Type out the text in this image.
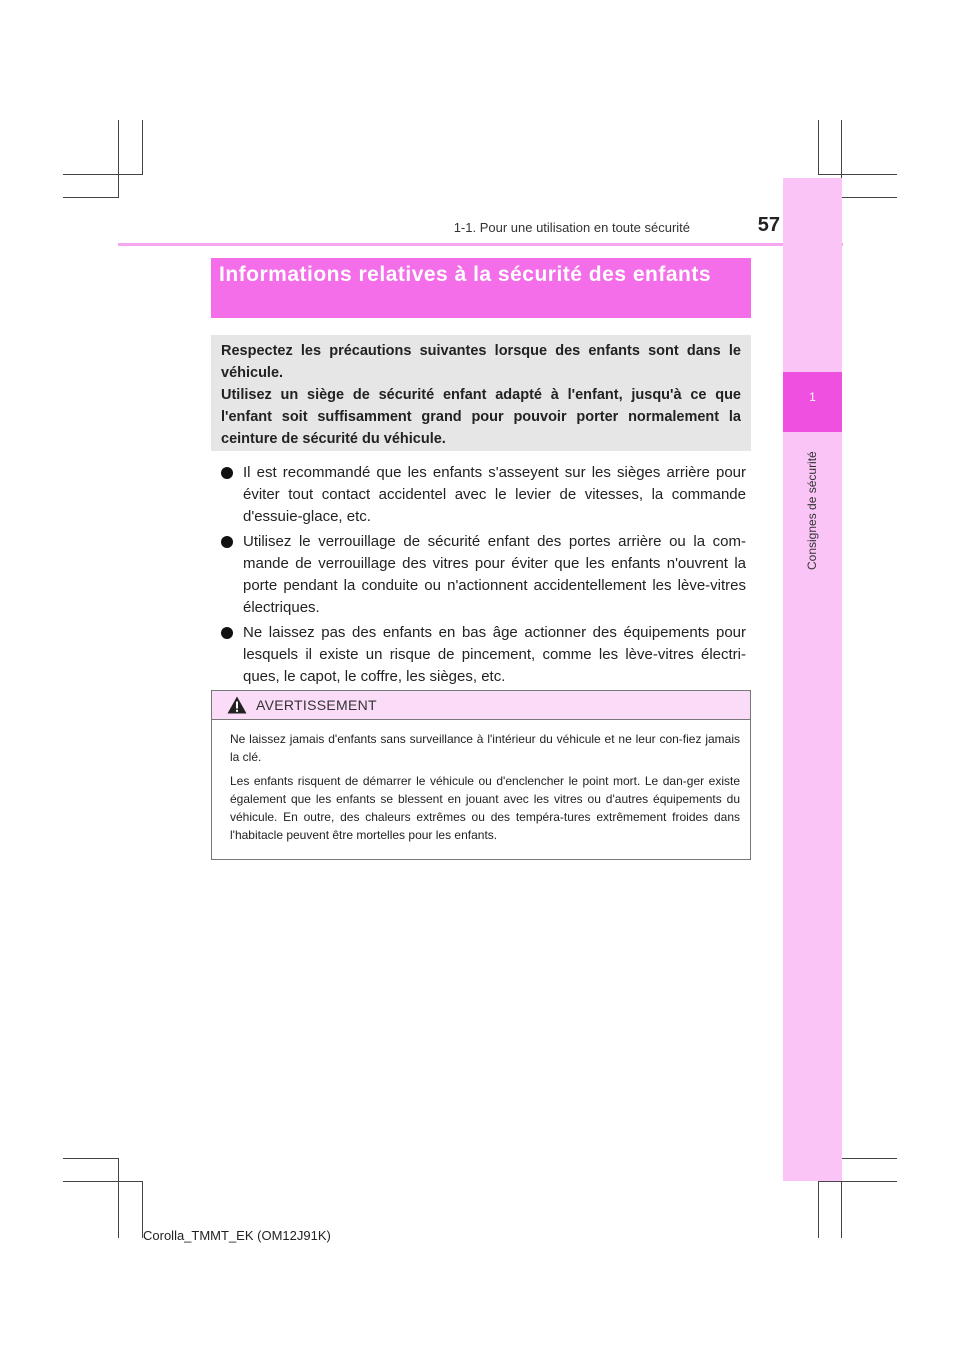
1-1. Pour une utilisation en toute sécurité	57
1
Consignes de sécurité
Informations relatives à la sécurité des enfants

Respectez les précautions suivantes lorsque des enfants sont dans le véhicule.

Utilisez un siège de sécurité enfant adapté à l'enfant, jusqu'à ce que l'enfant soit suffisamment grand pour pouvoir porter normalement la ceinture de sécurité du véhicule.

Il est recommandé que les enfants s'asseyent sur les sièges arrière pour éviter tout contact accidentel avec le levier de vitesses, la commande d'essuie-glace, etc.
Utilisez le verrouillage de sécurité enfant des portes arrière ou la com-mande de verrouillage des vitres pour éviter que les enfants n'ouvrent la porte pendant la conduite ou n'actionnent accidentellement les lève-vitres électriques.
Ne laissez pas des enfants en bas âge actionner des équipements pour lesquels il existe un risque de pincement, comme les lève-vitres électri-ques, le capot, le coffre, les sièges, etc.
AVERTISSEMENT

Ne laissez jamais d'enfants sans surveillance à l'intérieur du véhicule et ne leur con-fiez jamais la clé.

Les enfants risquent de démarrer le véhicule ou d'enclencher le point mort. Le dan-ger existe également que les enfants se blessent en jouant avec les vitres ou d'autres équipements du véhicule. En outre, des chaleurs extrêmes ou des tempéra-tures extrêmement froides dans l'habitacle peuvent être mortelles pour les enfants.

Corolla_TMMT_EK (OM12J91K)
